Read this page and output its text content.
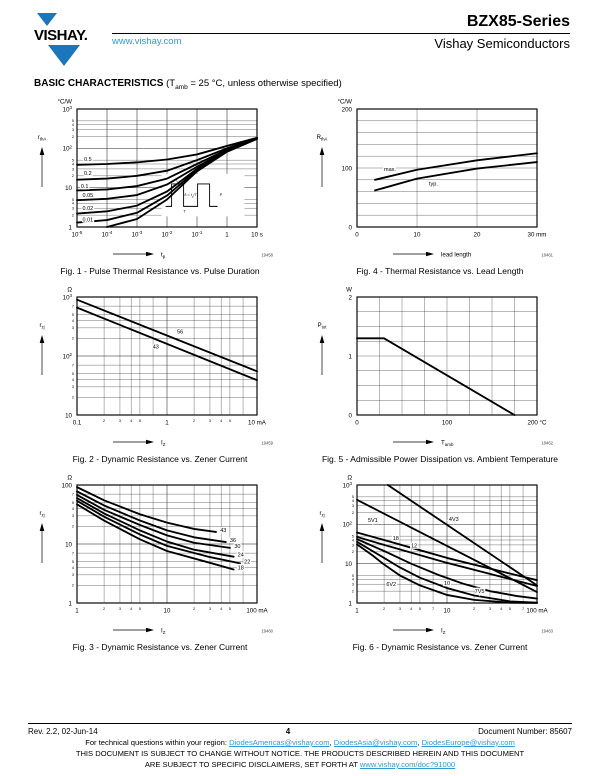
VISHAY.
BZX85-Series
www.vishay.com	Vishay Semiconductors
BASIC CHARACTERISTICS ($T_{amb} = 25$ °C, unless otherwise specified)
$t_p$
$\delta = t_p/T$
T
P
0.5
0.2
0.1
0.05
0.02
0.01
$10^{-5}$	$10^{-4}$	$10^{-3}$	$10^{-2}$	$10^{-1}$	1	10 s
1
10
$10^2$
$10^3$
2
3
4
5
2
3
4
5
2
3
4
5
°C/W
$r_{thA}$
$t_p$	19458
Fig. 1 - Pulse Thermal Resistance vs. Pulse Duration
max.
typ.
0	10	20	30 mm
0
100
200
°C/W
$R_{thA}$
lead length	18461
Fig. 4 - Thermal Resistance vs. Lead Length
56
43
0.1	1	10 mA
10
$10^2$
$10^3$
2	3 4 5	2	3 4 5
2
3
4
5
7
2
3
4
5
7
Ω
$r_{zj}$
$I_Z$	19459
Fig. 2 - Dynamic Resistance vs. Zener Current
0	100	200 °C
0
1
2
W
$P_{tot}$
$T_{amb}$	18462
Fig. 5 - Admissible Power Dissipation vs. Ambient Temperature
43
36
30
24
22
18
1	10	100 mA
1
10
100
2	3 4 5	2	3 4 5
2
3
4
5
7
2
3
4
5
7
Ω
$r_{zj}$
$I_Z$	19460
Fig. 3 - Dynamic Resistance vs. Zener Current
4V3
5V1
18
12
10
7V5
6V2
1	10	100 mA
1
10
$10^2$
$10^3$
2	3 4 5	7	2	3 4 5	7
2
3
4
5
2
3
4
5
2
3
4
5
Ω
$r_{zj}$
$I_Z$	19463
Fig. 6 - Dynamic Resistance vs. Zener Current
Rev. 2.2, 02-Jun-14	4	Document Number: 85607
For technical questions within your region: DiodesAmericas@vishay.com, DiodesAsia@vishay.com, DiodesEurope@vishay.com
THIS DOCUMENT IS SUBJECT TO CHANGE WITHOUT NOTICE. THE PRODUCTS DESCRIBED HEREIN AND THIS DOCUMENT
ARE SUBJECT TO SPECIFIC DISCLAIMERS, SET FORTH AT www.vishay.com/doc?91000
